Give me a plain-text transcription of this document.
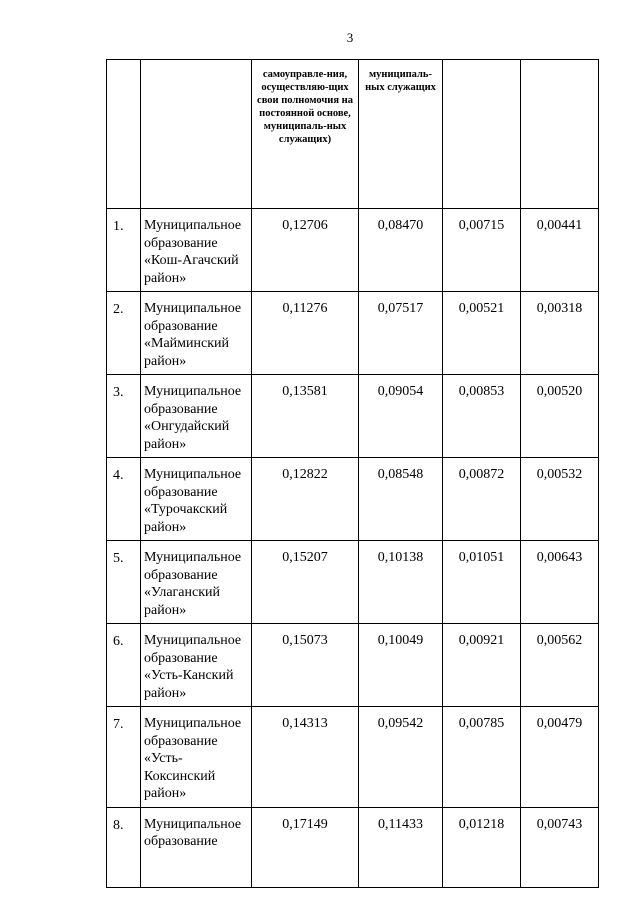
3
		самоуправле-ния, осуществляю-щих свои полномочия на постоянной основе, муниципаль-ных служащих)	муниципаль-ных служащих		
1.	Муниципальное образование «Кош-Агачский район»	0,12706	0,08470	0,00715	0,00441
2.	Муниципальное образование «Майминский район»	0,11276	0,07517	0,00521	0,00318
3.	Муниципальное образование «Онгудайский район»	0,13581	0,09054	0,00853	0,00520
4.	Муниципальное образование «Турочакский район»	0,12822	0,08548	0,00872	0,00532
5.	Муниципальное образование «Улаганский район»	0,15207	0,10138	0,01051	0,00643
6.	Муниципальное образование «Усть-Канский район»	0,15073	0,10049	0,00921	0,00562
7.	Муниципальное образование «Усть-Коксинский район»	0,14313	0,09542	0,00785	0,00479
8.	Муниципальное образование	0,17149	0,11433	0,01218	0,00743
